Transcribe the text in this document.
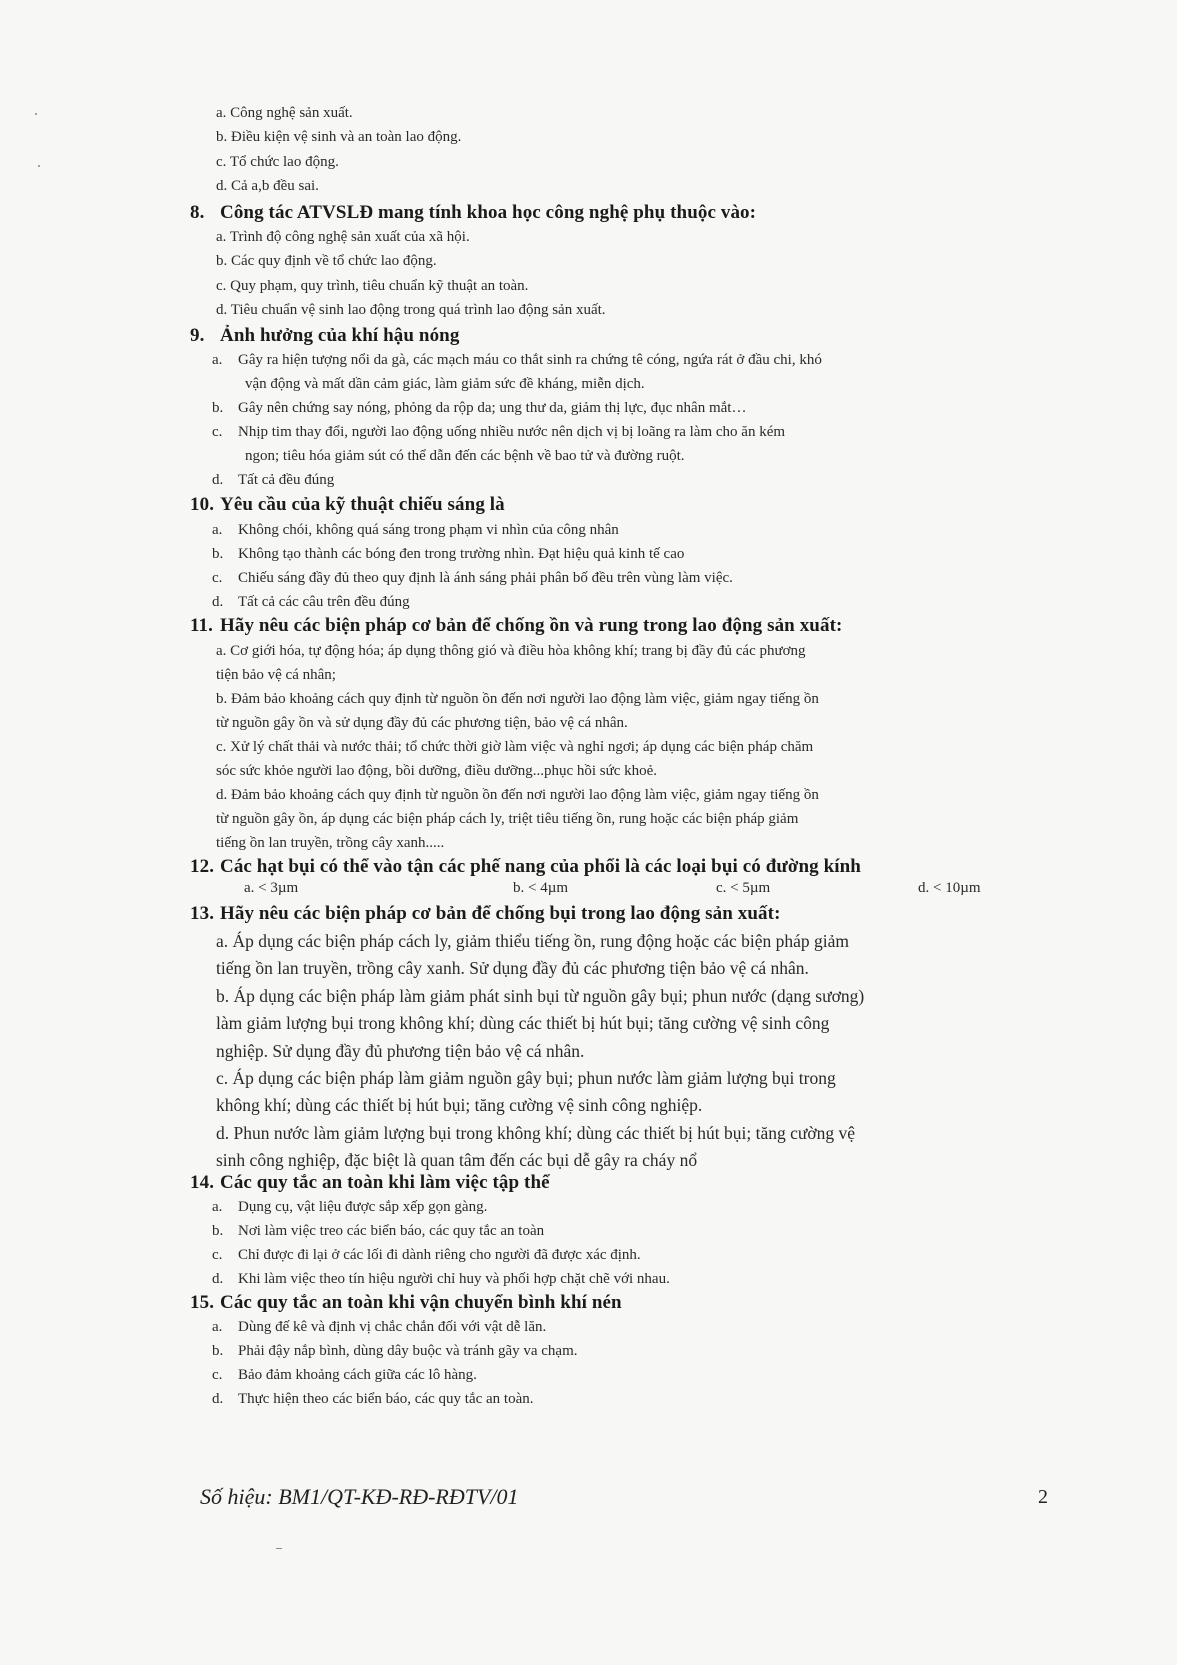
a. Công nghệ sản xuất.
b. Điều kiện vệ sinh và an toàn lao động.
c. Tổ chức lao động.
d. Cả a,b đều sai.
8. Công tác ATVSLĐ mang tính khoa học công nghệ phụ thuộc vào:
a. Trình độ công nghệ sản xuất của xã hội.
b. Các quy định về tổ chức lao động.
c. Quy phạm, quy trình, tiêu chuẩn kỹ thuật an toàn.
d. Tiêu chuẩn vệ sinh lao động trong quá trình lao động sản xuất.
9. Ảnh hưởng của khí hậu nóng
a. Gây ra hiện tượng nổi da gà, các mạch máu co thắt sinh ra chứng tê cóng, ngứa rát ở đầu chi, khó
vận động và mất dần cảm giác, làm giảm sức đề kháng, miễn dịch.
b. Gây nên chứng say nóng, phỏng da rộp da; ung thư da, giảm thị lực, đục nhân mắt…
c. Nhịp tim thay đổi, người lao động uống nhiều nước nên dịch vị bị loãng ra làm cho ăn kém
ngon; tiêu hóa giảm sút có thể dẫn đến các bệnh về bao tử và đường ruột.
d. Tất cả đều đúng
10. Yêu cầu của kỹ thuật chiếu sáng là
a. Không chói, không quá sáng trong phạm vi nhìn của công nhân
b. Không tạo thành các bóng đen trong trường nhìn. Đạt hiệu quả kinh tế cao
c. Chiếu sáng đầy đủ theo quy định là ánh sáng phải phân bố đều trên vùng làm việc.
d. Tất cả các câu trên đều đúng
11. Hãy nêu các biện pháp cơ bản để chống ồn và rung trong lao động sản xuất:
a. Cơ giới hóa, tự động hóa; áp dụng thông gió và điều hòa không khí; trang bị đầy đủ các phương
tiện bảo vệ cá nhân;
b. Đảm bảo khoảng cách quy định từ nguồn ồn đến nơi người lao động làm việc, giảm ngay tiếng ồn
từ nguồn gây ồn và sử dụng đầy đủ các phương tiện, bảo vệ cá nhân.
c. Xử lý chất thải và nước thải; tổ chức thời giờ làm việc và nghỉ ngơi; áp dụng các biện pháp chăm
sóc sức khỏe người lao động, bồi dưỡng, điều dưỡng...phục hồi sức khoẻ.
d. Đảm bảo khoảng cách quy định từ nguồn ồn đến nơi người lao động làm việc, giảm ngay tiếng ồn
từ nguồn gây ồn, áp dụng các biện pháp cách ly, triệt tiêu tiếng ồn, rung hoặc các biện pháp giảm
tiếng ồn lan truyền, trồng cây xanh.....
12. Các hạt bụi có thể vào tận các phế nang của phổi là các loại bụi có đường kính
a. < 3µm	b. < 4µm	c. < 5µm	d. < 10µm
13. Hãy nêu các biện pháp cơ bản để chống bụi trong lao động sản xuất:
a. Áp dụng các biện pháp cách ly, giảm thiểu tiếng ồn, rung động hoặc các biện pháp giảm
tiếng ồn lan truyền, trồng cây xanh. Sử dụng đầy đủ các phương tiện bảo vệ cá nhân.
b. Áp dụng các biện pháp làm giảm phát sinh bụi từ nguồn gây bụi; phun nước (dạng sương)
làm giảm lượng bụi trong không khí; dùng các thiết bị hút bụi; tăng cường vệ sinh công
nghiệp. Sử dụng đầy đủ phương tiện bảo vệ cá nhân.
c. Áp dụng các biện pháp làm giảm nguồn gây bụi; phun nước làm giảm lượng bụi trong
không khí; dùng các thiết bị hút bụi; tăng cường vệ sinh công nghiệp.
d. Phun nước làm giảm lượng bụi trong không khí; dùng các thiết bị hút bụi; tăng cường vệ
sinh công nghiệp, đặc biệt là quan tâm đến các bụi dễ gây ra cháy nổ
14. Các quy tắc an toàn khi làm việc tập thể
a. Dụng cụ, vật liệu được sắp xếp gọn gàng.
b. Nơi làm việc treo các biển báo, các quy tắc an toàn
c. Chỉ được đi lại ở các lối đi dành riêng cho người đã được xác định.
d. Khi làm việc theo tín hiệu người chỉ huy và phối hợp chặt chẽ với nhau.
15. Các quy tắc an toàn khi vận chuyển bình khí nén
a. Dùng đế kê và định vị chắc chắn đối với vật dễ lăn.
b. Phải đậy nắp bình, dùng dây buộc và tránh gãy va chạm.
c. Bảo đảm khoảng cách giữa các lô hàng.
d. Thực hiện theo các biển báo, các quy tắc an toàn.
Số hiệu: BM1/QT-KĐ-RĐ-RĐTV/01	2
